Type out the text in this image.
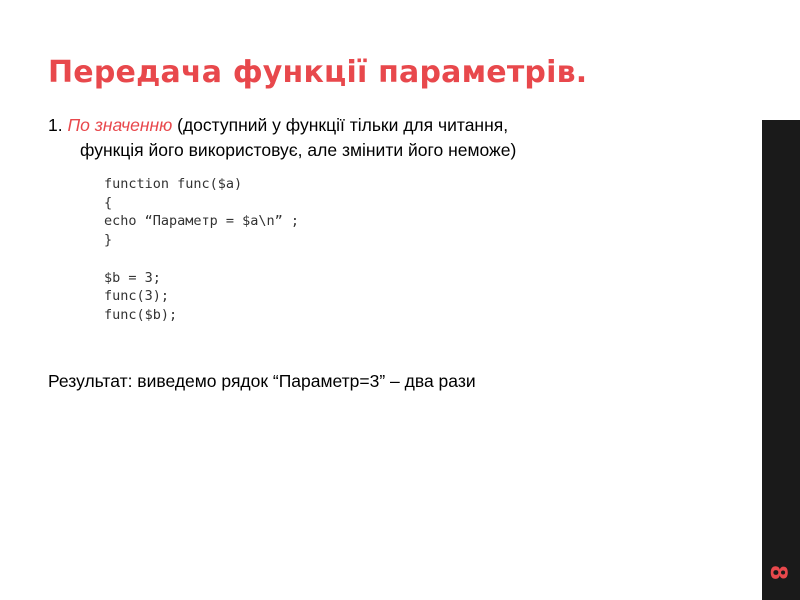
Передача функції параметрів.
1. По значенню (доступний у функції тільки для читання,
функція його використовує, але змінити його неможе)
function func($a)
{
echo “Параметр = $a\n” ;
}

$b = 3;
func(3);
func($b);
Результат: виведемо рядок “Параметр=3” – два рази
8
